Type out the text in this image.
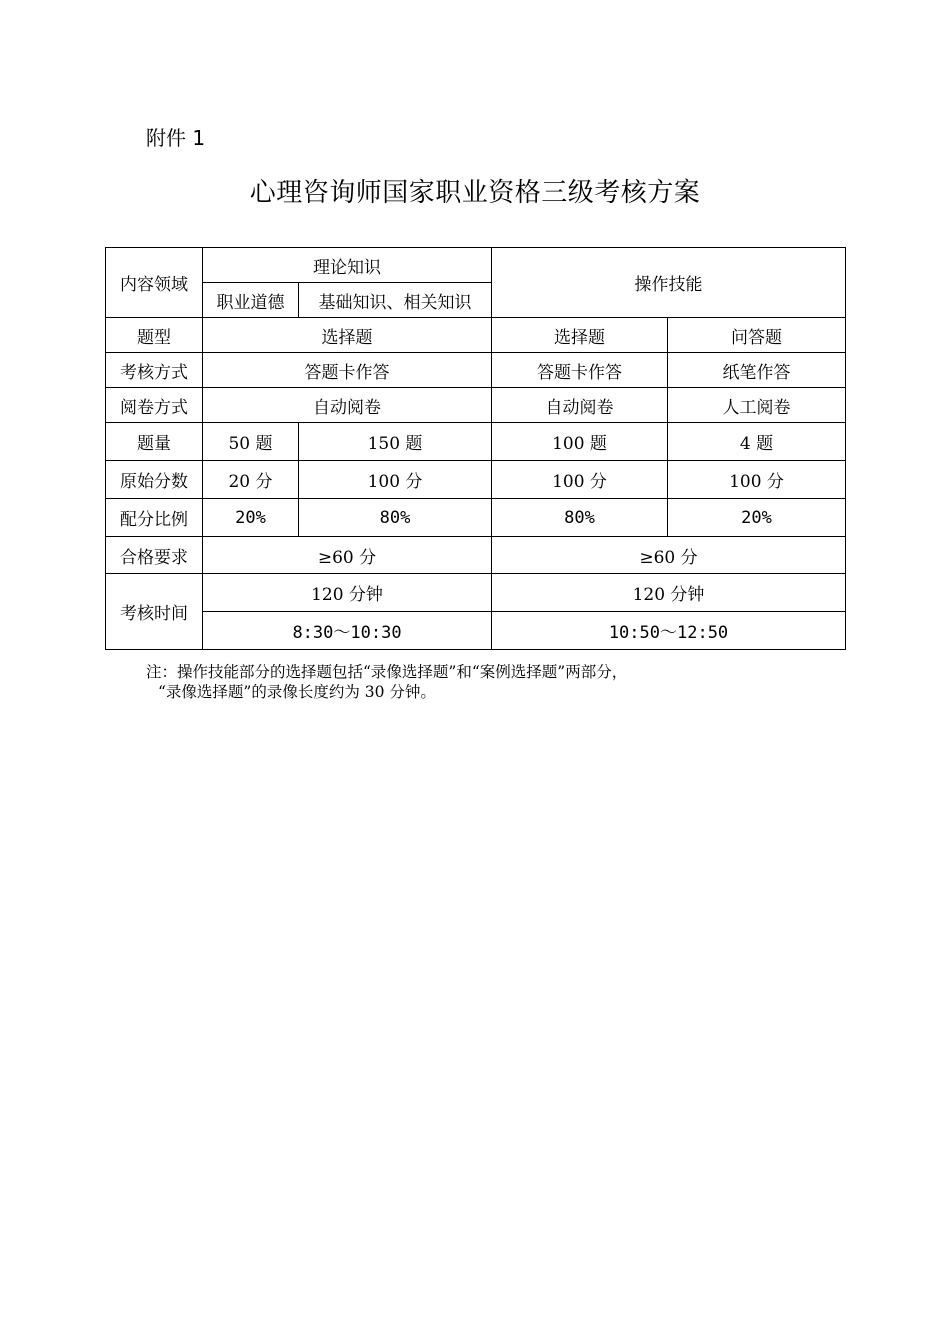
附件 1
心理咨询师国家职业资格三级考核方案
内容领域	理论知识		操作技能	
	职业道德	基础知识、相关知识		
题型	选择题		选择题	问答题
考核方式	答题卡作答		答题卡作答	纸笔作答
阅卷方式	自动阅卷		自动阅卷	人工阅卷
题量	50 题	150 题	100 题	4 题
原始分数	20 分	100 分	100 分	100 分
配分比例	20%	80%	80%	20%
合格要求	≥60 分		≥60 分	
考核时间	120 分钟		120 分钟	
	8:30～10:30		10:50～12:50	
注：操作技能部分的选择题包括“录像选择题”和“案例选择题”两部分，
“录像选择题”的录像长度约为 30 分钟。
